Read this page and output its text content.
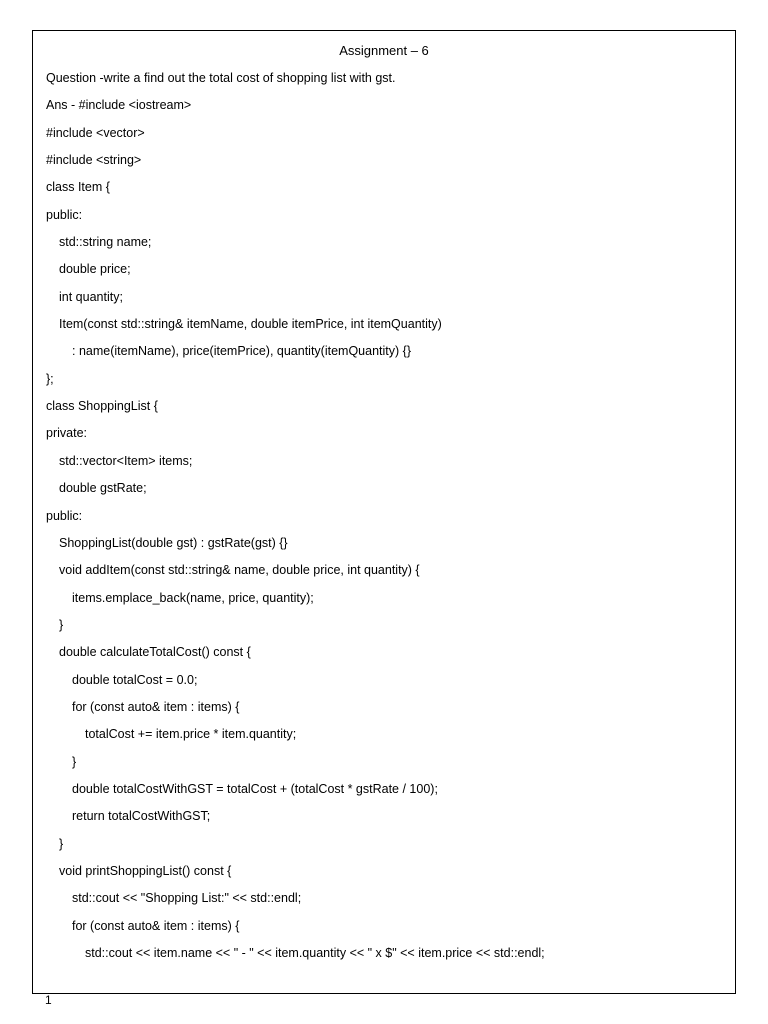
Assignment – 6
Question -write a find out the total cost of shopping list with gst.
Ans - #include <iostream>
#include <vector>
#include <string>
class Item {
public:
std::string name;
double price;
int quantity;
Item(const std::string& itemName, double itemPrice, int itemQuantity)
: name(itemName), price(itemPrice), quantity(itemQuantity) {}
};
class ShoppingList {
private:
std::vector<Item> items;
double gstRate;
public:
ShoppingList(double gst) : gstRate(gst) {}
void addItem(const std::string& name, double price, int quantity) {
items.emplace_back(name, price, quantity);
}
double calculateTotalCost() const {
double totalCost = 0.0;
for (const auto& item : items) {
totalCost += item.price * item.quantity;
}
double totalCostWithGST = totalCost + (totalCost * gstRate / 100);
return totalCostWithGST;
}
void printShoppingList() const {
std::cout << "Shopping List:" << std::endl;
for (const auto& item : items) {
std::cout << item.name << " - " << item.quantity << " x $" << item.price << std::endl;
1
